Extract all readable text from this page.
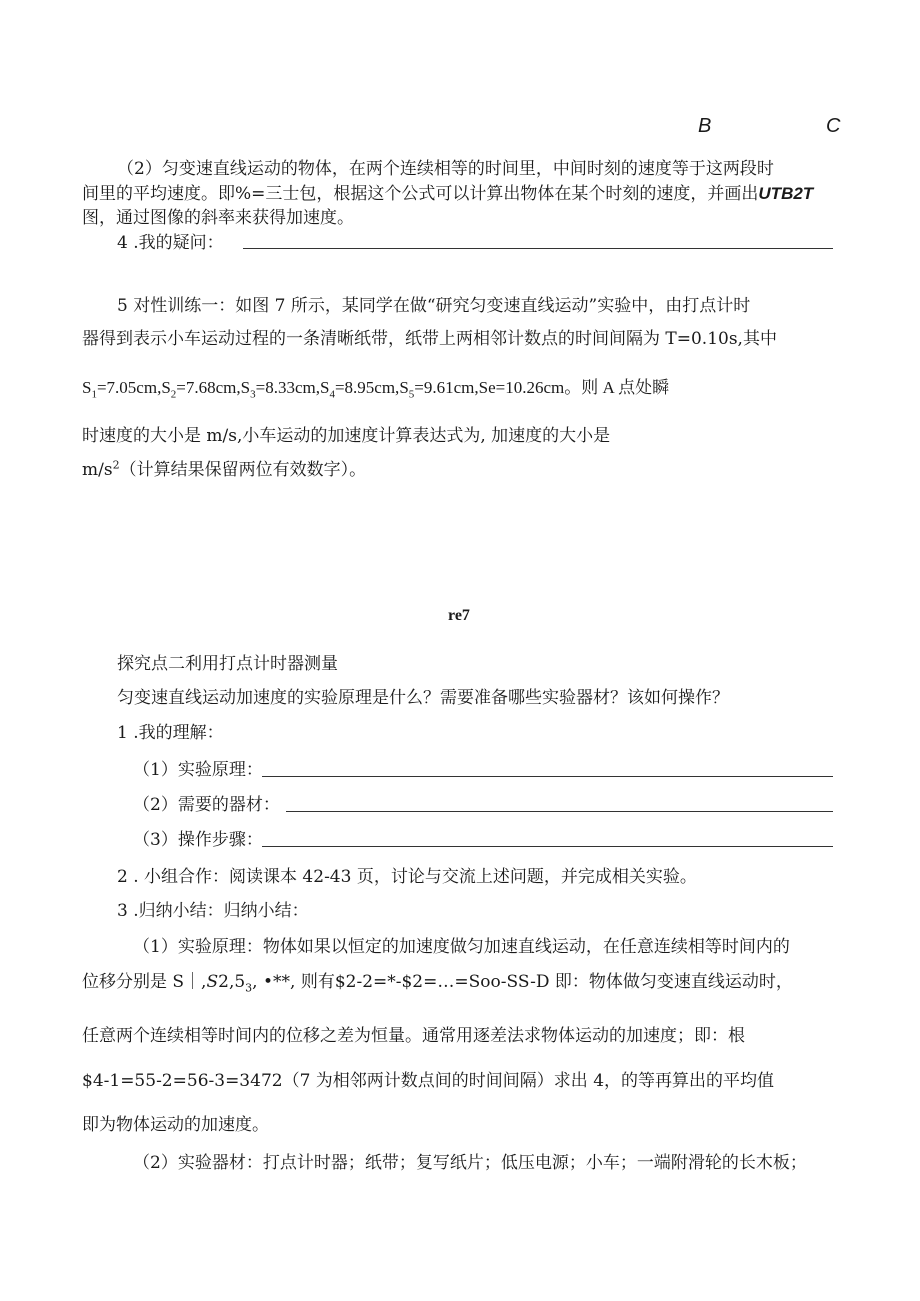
B	C
（2）匀变速直线运动的物体，在两个连续相等的时间里，中间时刻的速度等于这两段时
间里的平均速度。即%=三士包，根据这个公式可以计算出物体在某个时刻的速度，并画出UTB2T
图，通过图像的斜率来获得加速度。
4 .我的疑问：
5 对性训练一：如图 7 所示，某同学在做“研究匀变速直线运动”实验中，由打点计时
器得到表示小车运动过程的一条清晰纸带，纸带上两相邻计数点的时间间隔为 T=0.10s,其中
$S_1=7.05cm,S_2=7.68cm,S_3=8.33cm,S_4=8.95cm,S_5=9.61cm,Se=10.26cm$。则 A 点处瞬
时速度的大小是 m∕s,小车运动的加速度计算表达式为, 加速度的大小是
$m∕s^2$（计算结果保留两位有效数字）。
re7
探究点二利用打点计时器测量
匀变速直线运动加速度的实验原理是什么？需要准备哪些实验器材？该如何操作？
1 .我的理解：
（1）实验原理：
（2）需要的器材：
（3）操作步骤：
2 . 小组合作：阅读课本 42-43 页，讨论与交流上述问题，并完成相关实验。
3 .归纳小结：归纳小结：
（1）实验原理：物体如果以恒定的加速度做匀加速直线运动，在任意连续相等时间内的
位移分别是 $S|,S2,5_3$, •**, 则有$2-2=*-$2=…=Soo-SS-D 即：物体做匀变速直线运动时，
任意两个连续相等时间内的位移之差为恒量。通常用逐差法求物体运动的加速度；即：根
$4-1=55-2=56-3=3472（7 为相邻两计数点间的时间间隔）求出 4，的等再算出的平均值
即为物体运动的加速度。
（2）实验器材：打点计时器；纸带；复写纸片；低压电源；小车；一端附滑轮的长木板；
